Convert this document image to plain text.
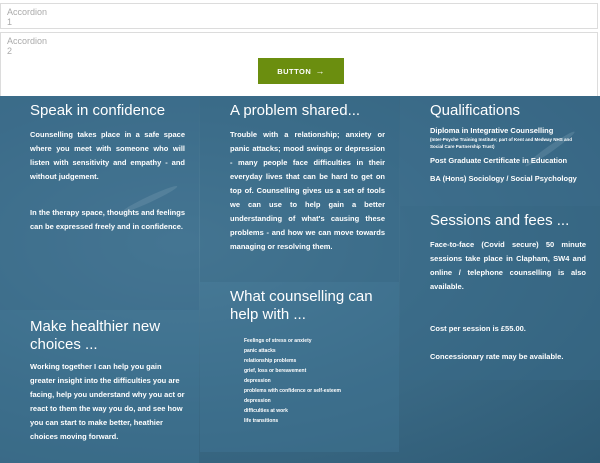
Accordion 1
Accordion 2
BUTTON →
Speak in confidence
Counselling takes place in a safe space where you meet with someone who will listen with sensitivity and empathy - and without judgement.
In the therapy space, thoughts and feelings can be expressed freely and in confidence.
Make healthier new choices ...
Working together I can help you gain greater insight into the difficulties you are facing, help you understand why you act or react to them the way you do, and see how you can start to make better, heathier choices moving forward.
A problem shared...
Trouble with a relationship; anxiety or panic attacks; mood swings or depression - many people face difficulties in their everyday lives that can be hard to get on top of. Counselling gives us a set of tools we can use to help gain a better understanding of what's causing these problems - and how we can move towards managing or resolving them.
What counselling can help with ...
Feelings of stress or anxiety
panic attacks
relationship problems
grief, loss or bereavement
depression
problems with confidence or self-esteem
depression
difficulties at work
life transitions
Qualifications
Diploma in Integrative Counselling
(Inter-Psyche Training Institute; part of Kent and Medway NHS and Social Care Partnership Trust)
Post Graduate Certificate in Education
BA (Hons) Sociology / Social Psychology
Sessions and fees ...
Face-to-face (Covid secure) 50 minute sessions take place in Clapham, SW4 and online / telephone counselling is also available.
Cost per session is £55.00.
Concessionary rate may be available.
